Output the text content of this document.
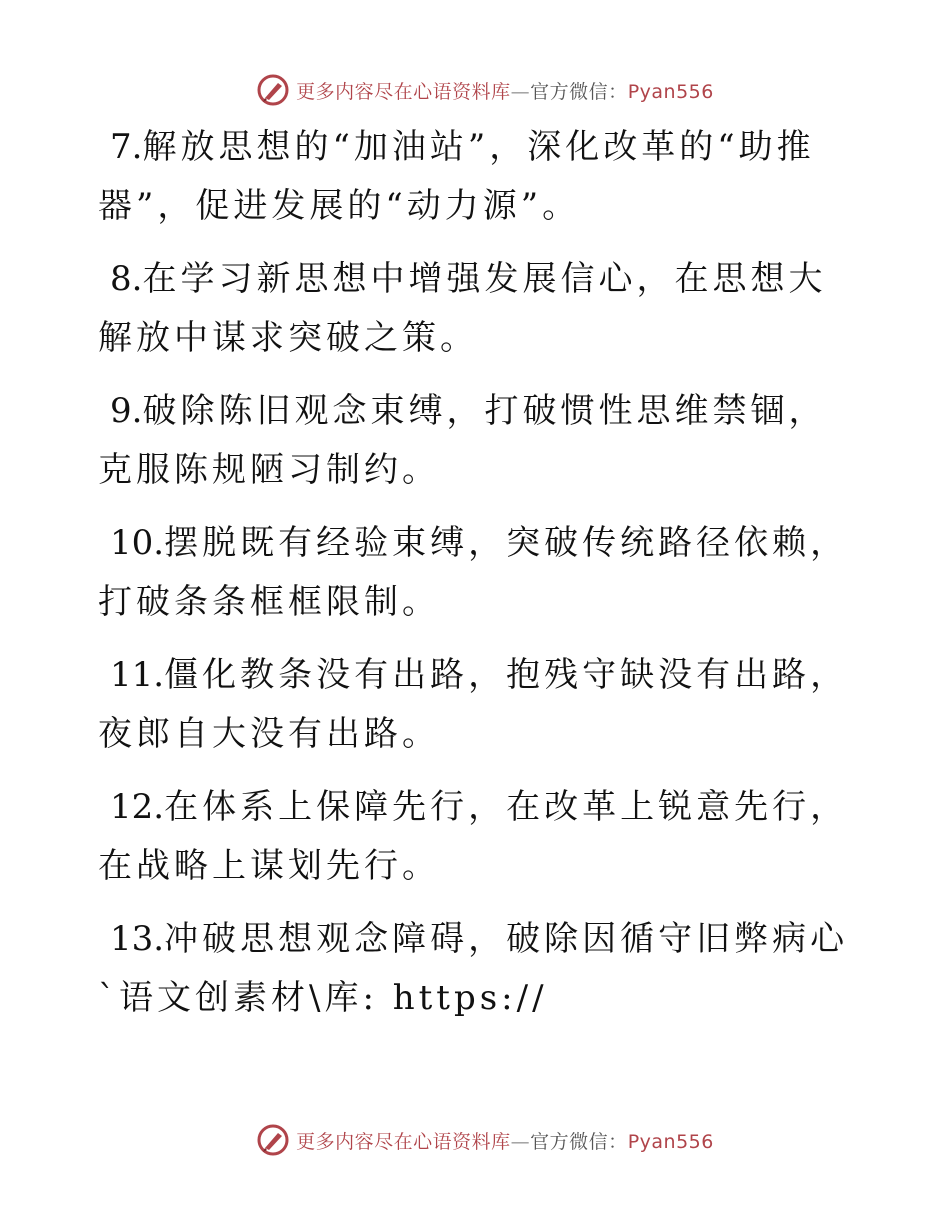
更多内容尽在心语资料库—官方微信：Pyan556

7.解放思想的“加油站”，深化改革的“助推器”，促进发展的“动力源”。

8.在学习新思想中增强发展信心，在思想大解放中谋求突破之策。

9.破除陈旧观念束缚，打破惯性思维禁锢，克服陈规陋习制约。

10.摆脱既有经验束缚，突破传统路径依赖，打破条条框框限制。

11.僵化教条没有出路，抱残守缺没有出路，夜郎自大没有出路。

12.在体系上保障先行，在改革上锐意先行，在战略上谋划先行。

13.冲破思想观念障碍，破除因循守旧弊病心`语文创素材\库: https://

更多内容尽在心语资料库—官方微信：Pyan556
